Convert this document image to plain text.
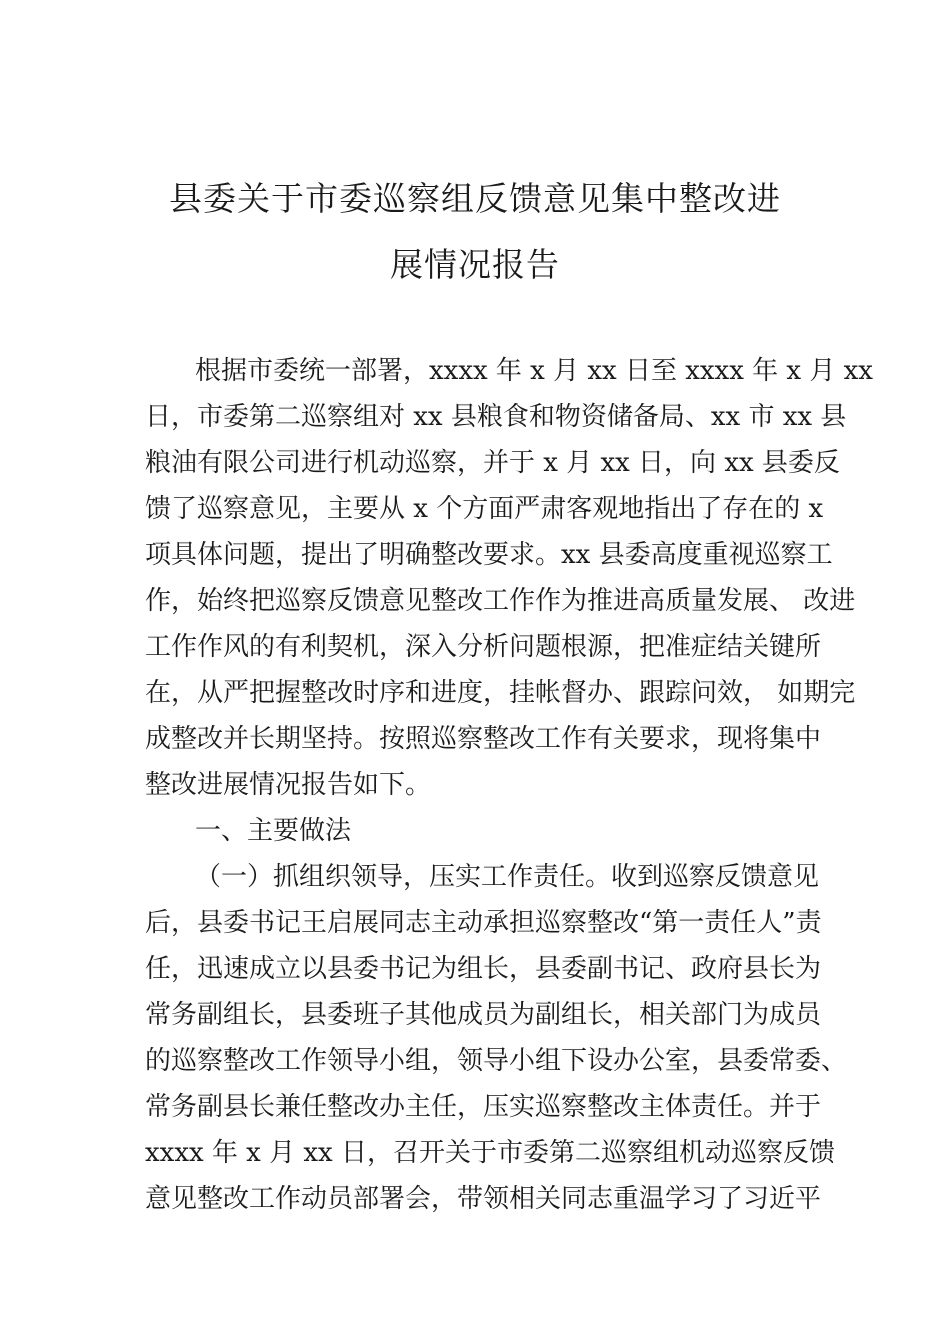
县委关于市委巡察组反馈意见集中整改进
展情况报告

根据市委统一部署，xxxx 年 x 月 xx 日至 xxxx 年 x 月 xx

日，市委第二巡察组对 xx 县粮食和物资储备局、xx 市 xx 县

粮油有限公司进行机动巡察，并于 x 月 xx 日，向 xx 县委反

馈了巡察意见，主要从 x 个方面严肃客观地指出了存在的 x

项具体问题，提出了明确整改要求。xx 县委高度重视巡察工

作，始终把巡察反馈意见整改工作作为推进高质量发展、 改进

工作作风的有利契机，深入分析问题根源，把准症结关键所

在，从严把握整改时序和进度，挂帐督办、跟踪问效， 如期完

成整改并长期坚持。按照巡察整改工作有关要求，现将集中

整改进展情况报告如下。

一、主要做法

（一）抓组织领导，压实工作责任。收到巡察反馈意见

后，县委书记王启展同志主动承担巡察整改“第一责任人”责

任，迅速成立以县委书记为组长，县委副书记、政府县长为

常务副组长，县委班子其他成员为副组长，相关部门为成员

的巡察整改工作领导小组，领导小组下设办公室，县委常委、

常务副县长兼任整改办主任，压实巡察整改主体责任。并于

xxxx 年 x 月 xx 日，召开关于市委第二巡察组机动巡察反馈

意见整改工作动员部署会，带领相关同志重温学习了习近平
